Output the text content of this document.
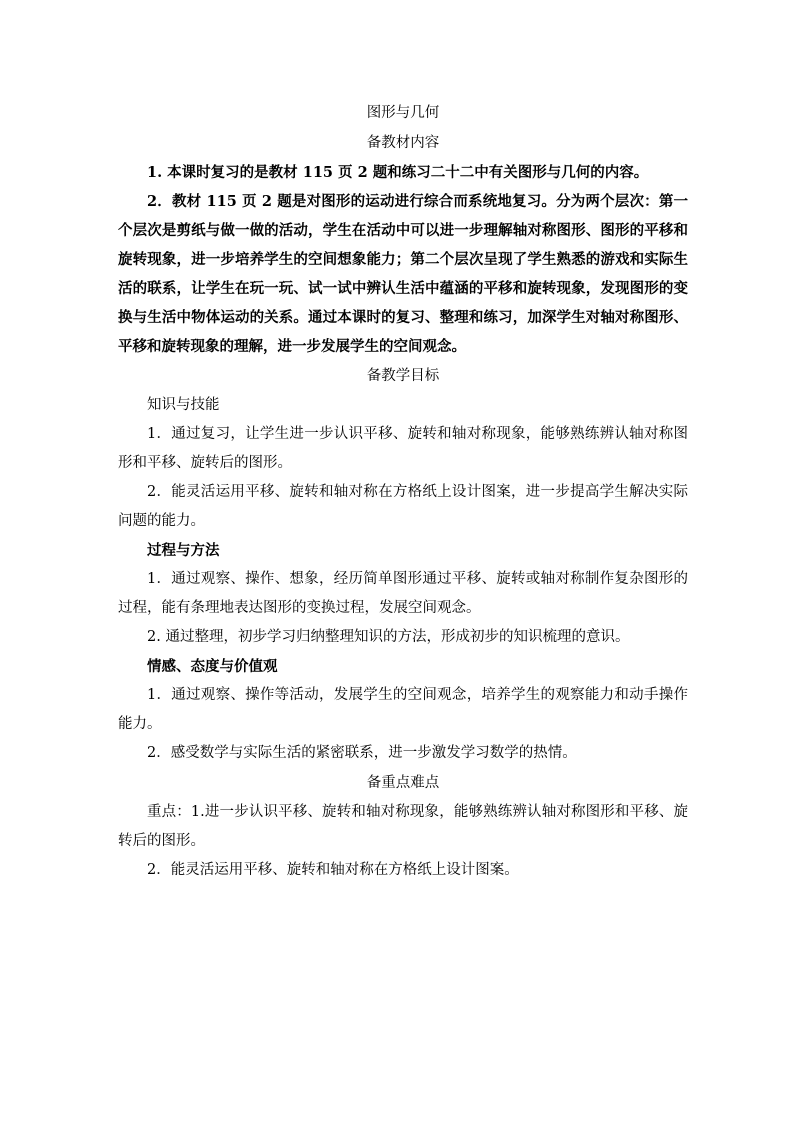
图形与几何
备教材内容

1. 本课时复习的是教材 115 页 2 题和练习二十二中有关图形与几何的内容。

2．教材 115 页 2 题是对图形的运动进行综合而系统地复习。分为两个层次：第一个层次是剪纸与做一做的活动，学生在活动中可以进一步理解轴对称图形、图形的平移和旋转现象，进一步培养学生的空间想象能力；第二个层次呈现了学生熟悉的游戏和实际生活的联系，让学生在玩一玩、试一试中辨认生活中蕴涵的平移和旋转现象，发现图形的变换与生活中物体运动的关系。通过本课时的复习、整理和练习，加深学生对轴对称图形、平移和旋转现象的理解，进一步发展学生的空间观念。

备教学目标
知识与技能

1．通过复习，让学生进一步认识平移、旋转和轴对称现象，能够熟练辨认轴对称图形和平移、旋转后的图形。

2．能灵活运用平移、旋转和轴对称在方格纸上设计图案，进一步提高学生解决实际问题的能力。

过程与方法

1．通过观察、操作、想象，经历简单图形通过平移、旋转或轴对称制作复杂图形的过程，能有条理地表达图形的变换过程，发展空间观念。

2. 通过整理，初步学习归纳整理知识的方法，形成初步的知识梳理的意识。

情感、态度与价值观

1．通过观察、操作等活动，发展学生的空间观念，培养学生的观察能力和动手操作能力。

2．感受数学与实际生活的紧密联系，进一步激发学习数学的热情。

备重点难点

重点：1.进一步认识平移、旋转和轴对称现象，能够熟练辨认轴对称图形和平移、旋转后的图形。

2．能灵活运用平移、旋转和轴对称在方格纸上设计图案。
